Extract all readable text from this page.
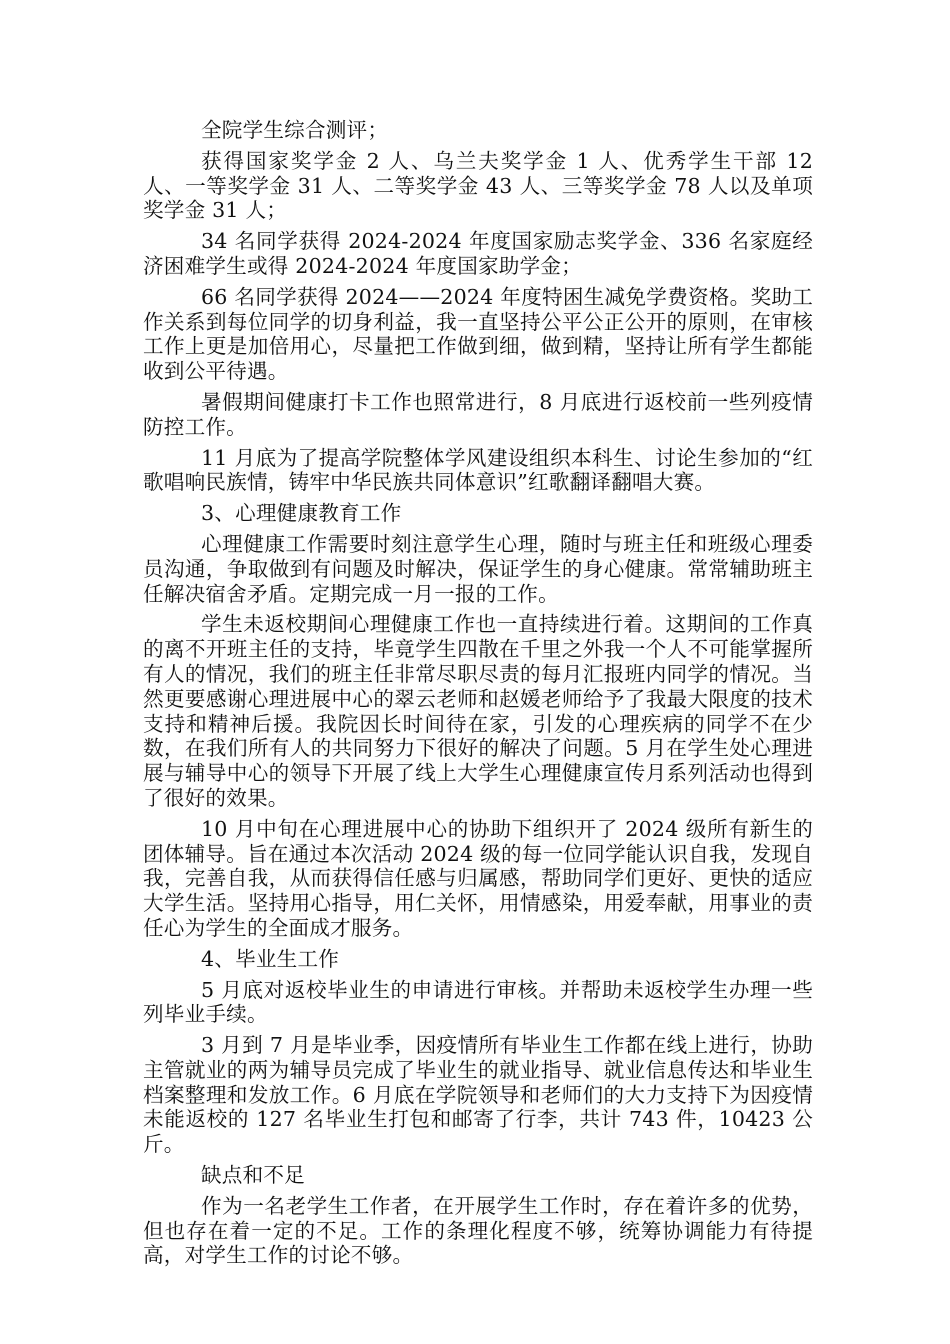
全院学生综合测评；

获得国家奖学金 2 人、乌兰夫奖学金 1 人、优秀学生干部 12 人、一等奖学金 31 人、二等奖学金 43 人、三等奖学金 78 人以及单项奖学金 31 人；

34 名同学获得 2024-2024 年度国家励志奖学金、336 名家庭经济困难学生或得 2024-2024 年度国家助学金；

66 名同学获得 2024——2024 年度特困生减免学费资格。奖助工作关系到每位同学的切身利益，我一直坚持公平公正公开的原则，在审核工作上更是加倍用心，尽量把工作做到细，做到精，坚持让所有学生都能收到公平待遇。

暑假期间健康打卡工作也照常进行，8 月底进行返校前一些列疫情防控工作。

11 月底为了提高学院整体学风建设组织本科生、讨论生参加的“红歌唱响民族情，铸牢中华民族共同体意识”红歌翻译翻唱大赛。

3、心理健康教育工作

心理健康工作需要时刻注意学生心理，随时与班主任和班级心理委员沟通，争取做到有问题及时解决，保证学生的身心健康。常常辅助班主任解决宿舍矛盾。定期完成一月一报的工作。

学生未返校期间心理健康工作也一直持续进行着。这期间的工作真的离不开班主任的支持，毕竟学生四散在千里之外我一个人不可能掌握所有人的情况，我们的班主任非常尽职尽责的每月汇报班内同学的情况。当然更要感谢心理进展中心的翠云老师和赵媛老师给予了我最大限度的技术支持和精神后援。我院因长时间待在家，引发的心理疾病的同学不在少数，在我们所有人的共同努力下很好的解决了问题。5 月在学生处心理进展与辅导中心的领导下开展了线上大学生心理健康宣传月系列活动也得到了很好的效果。

10 月中旬在心理进展中心的协助下组织开了 2024 级所有新生的团体辅导。旨在通过本次活动 2024 级的每一位同学能认识自我，发现自我，完善自我，从而获得信任感与归属感，帮助同学们更好、更快的适应大学生活。坚持用心指导，用仁关怀，用情感染，用爱奉献，用事业的责任心为学生的全面成才服务。

4、毕业生工作

5 月底对返校毕业生的申请进行审核。并帮助未返校学生办理一些列毕业手续。

3 月到 7 月是毕业季，因疫情所有毕业生工作都在线上进行，协助主管就业的两为辅导员完成了毕业生的就业指导、就业信息传达和毕业生档案整理和发放工作。6 月底在学院领导和老师们的大力支持下为因疫情未能返校的 127 名毕业生打包和邮寄了行李，共计 743 件，10423 公斤。

缺点和不足

作为一名老学生工作者，在开展学生工作时，存在着许多的优势，但也存在着一定的不足。工作的条理化程度不够，统筹协调能力有待提高，对学生工作的讨论不够。
